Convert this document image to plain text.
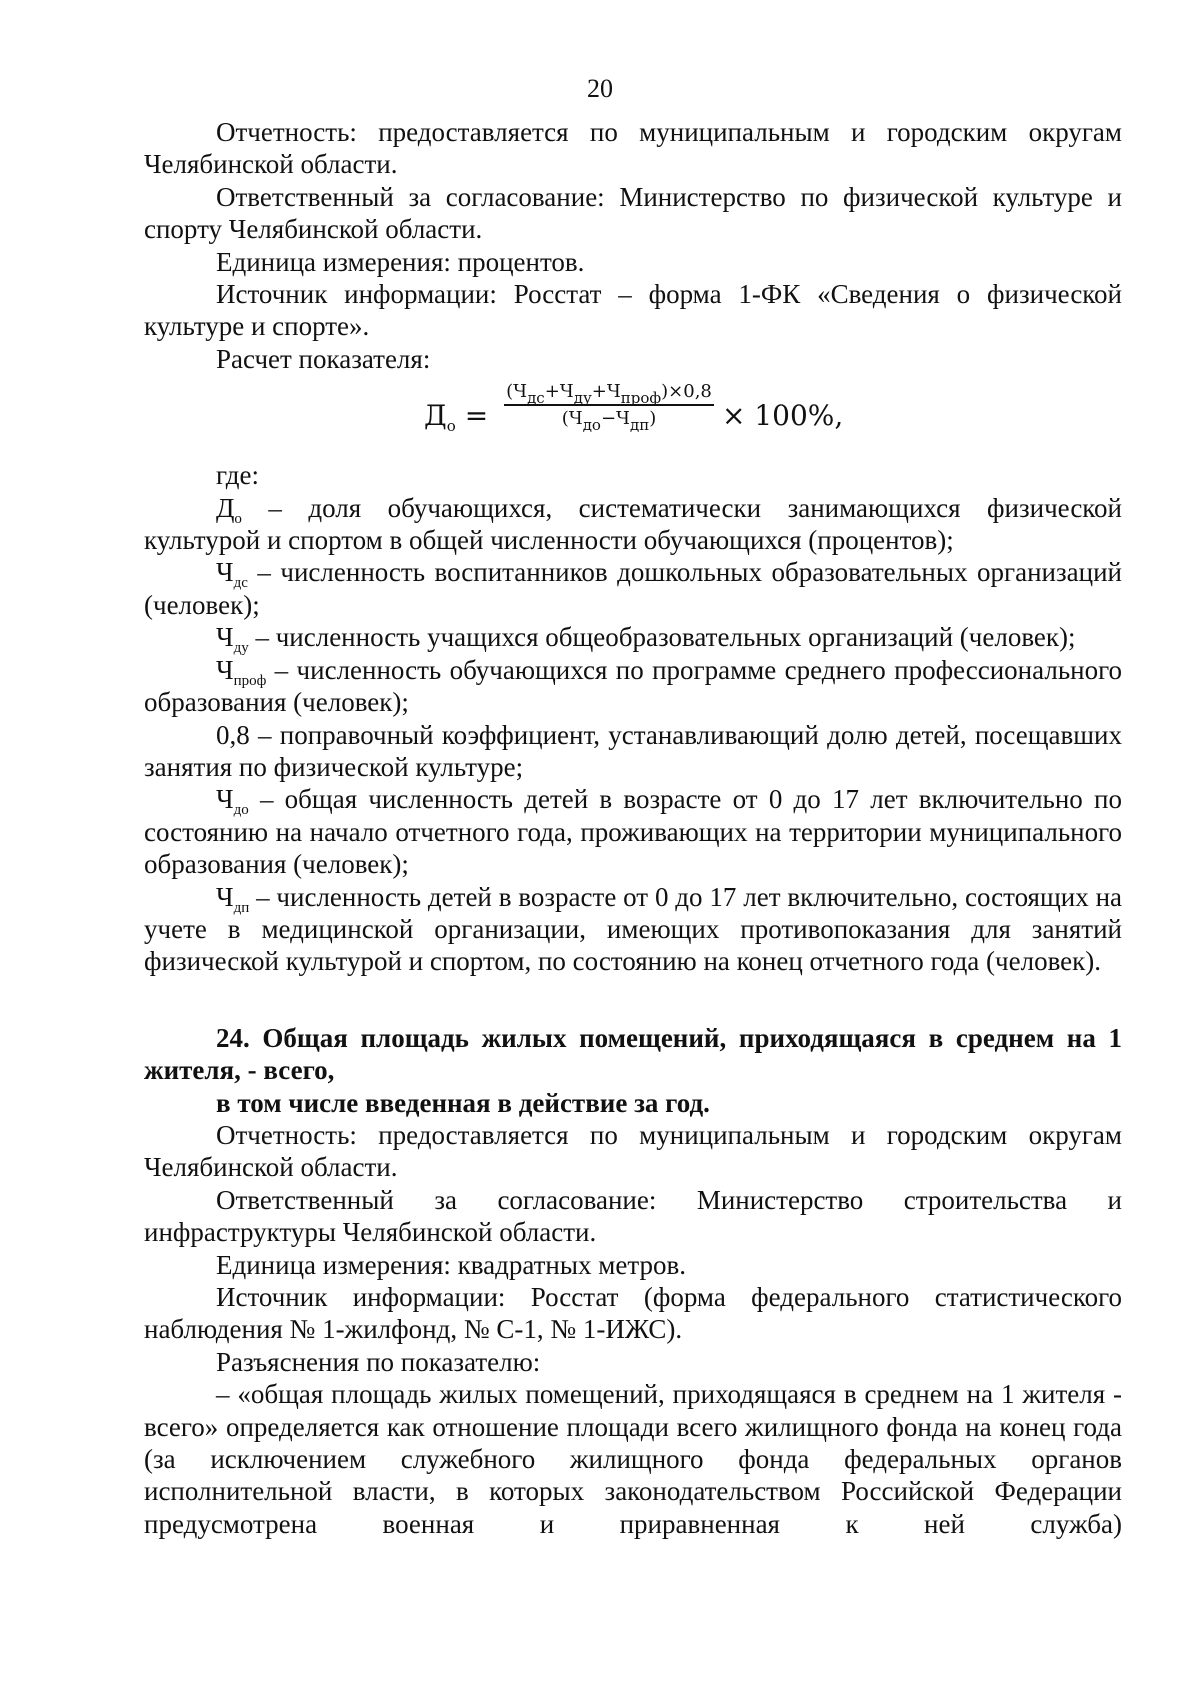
20

Отчетность: предоставляется по муниципальным и городским округам Челябинской области.

Ответственный за согласование: Министерство по физической культуре и спорту Челябинской области.

Единица измерения: процентов.

Источник информации: Росстат – форма 1-ФК «Сведения о физической культуре и спорте».

Расчет показателя:

$Д_о$ =
$(Ч_{дс}+Ч_{ду}+Ч_{проф})\times 0,8$
$(Ч_{до}-Ч_{дп})$	× 100%,

где:

$Д_о$ – доля обучающихся, систематически занимающихся физической культурой и спортом в общей численности обучающихся (процентов);

$Ч_{дс}$ – численность воспитанников дошкольных образовательных организаций (человек);

$Ч_{ду}$ – численность учащихся общеобразовательных организаций (человек);

$Ч_{проф}$ – численность обучающихся по программе среднего профессионального образования (человек);

0,8 – поправочный коэффициент, устанавливающий долю детей, посещавших занятия по физической культуре;

$Ч_{до}$ – общая численность детей в возрасте от 0 до 17 лет включительно по состоянию на начало отчетного года, проживающих на территории муниципального образования (человек);

$Ч_{дп}$ – численность детей в возрасте от 0 до 17 лет включительно, состоящих на учете в медицинской организации, имеющих противопоказания для занятий физической культурой и спортом, по состоянию на конец отчетного года (человек).

24. Общая площадь жилых помещений, приходящаяся в среднем на 1 жителя, - всего,

в том числе введенная в действие за год.

Отчетность: предоставляется по муниципальным и городским округам Челябинской области.

Ответственный за согласование: Министерство строительства и инфраструктуры Челябинской области.

Единица измерения: квадратных метров.

Источник информации: Росстат (форма федерального статистического наблюдения № 1-жилфонд, № С-1, № 1-ИЖС).

Разъяснения по показателю:

– «общая площадь жилых помещений, приходящаяся в среднем на 1 жителя - всего» определяется как отношение площади всего жилищного фонда на конец года (за исключением служебного жилищного фонда федеральных органов исполнительной власти, в которых законодательством Российской Федерации предусмотрена военная и приравненная к ней служба)
